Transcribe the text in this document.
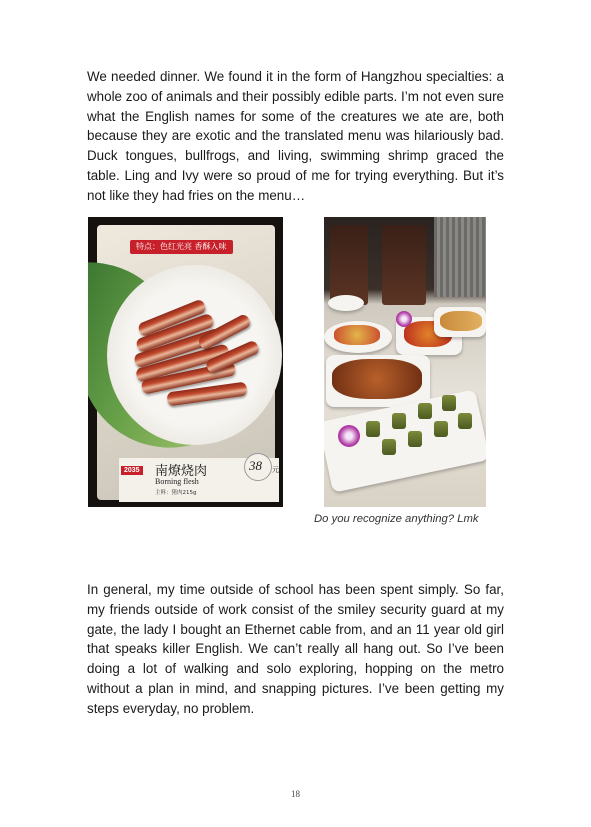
We needed dinner. We found it in the form of Hangzhou specialties: a whole zoo of animals and their possibly edible parts. I’m not even sure what the English names for some of the creatures we ate are, both because they are exotic and the translated menu was hilariously bad. Duck tongues, bullfrogs, and living, swimming shrimp graced the table. Ling and Ivy were so proud of me for trying everything. But it’s not like they had fries on the menu…

特点：色红光亮 香酥入味
2035 南燎烧肉
Borning flesh
主料：猪肉215g
38 元
Do you recognize anything? Lmk

In general, my time outside of school has been spent simply. So far, my friends outside of work consist of the smiley security guard at my gate, the lady I bought an Ethernet cable from, and an 11 year old girl that speaks killer English. We can’t really all hang out. So I’ve been doing a lot of walking and solo exploring, hopping on the metro without a plan in mind, and snapping pictures. I’ve been getting my steps everyday, no problem.

18
